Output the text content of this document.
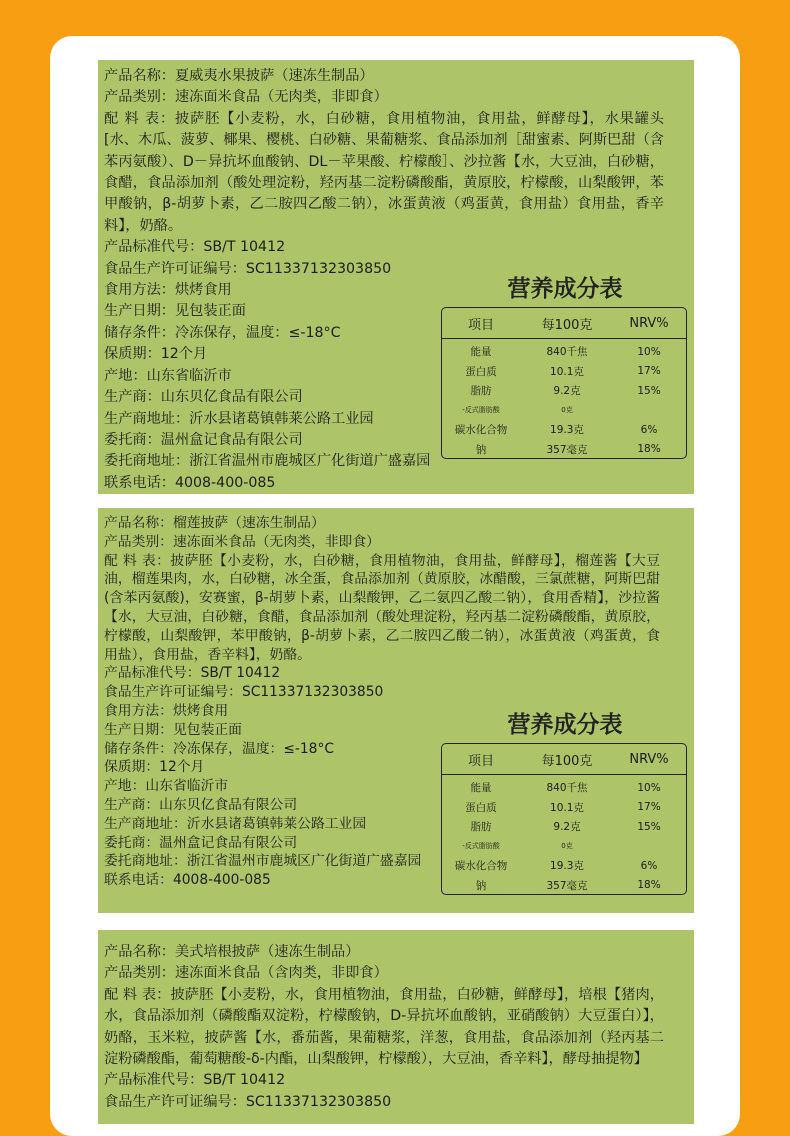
产品名称：夏威夷水果披萨（速冻生制品）
产品类别：速冻面米食品（无肉类，非即食）
配 料 表：披萨胚【小麦粉，水，白砂糖，食用植物油，食用盐，鲜酵母】，水果罐头[水、木瓜、菠萝、椰果、樱桃、白砂糖、果葡糖浆、食品添加剂［甜蜜素、阿斯巴甜（含苯丙氨酸）、D－异抗坏血酸钠、DL－苹果酸、柠檬酸］、沙拉酱【水，大豆油，白砂糖，食醋，食品添加剂（酸处理淀粉，羟丙基二淀粉磷酸酯，黄原胶，柠檬酸，山梨酸钾，苯甲酸钠，β-胡萝卜素，乙二胺四乙酸二钠），冰蛋黄液（鸡蛋黄，食用盐）食用盐，香辛料】，奶酪。
产品标准代号：SB/T 10412
食品生产许可证编号：SC11337132303850
食用方法：烘烤食用
生产日期：见包装正面
储存条件：冷冻保存，温度：≤-18°C
保质期：12个月
产地：山东省临沂市
生产商：山东贝亿食品有限公司
生产商地址：沂水县诸葛镇韩莱公路工业园
委托商：温州盒记食品有限公司
委托商地址：浙江省温州市鹿城区广化街道广盛嘉园
联系电话：4008-400-085
营养成分表
项目	每100克	NRV%
能量	840千焦	10%
蛋白质	10.1克	17%
脂肪	9.2克	15%
-反式脂肪酸	0克
碳水化合物	19.3克	6%
钠	357毫克	18%
产品名称：榴莲披萨（速冻生制品）
产品类别：速冻面米食品（无肉类，非即食）
配 料 表：披萨胚【小麦粉，水，白砂糖，食用植物油，食用盐，鲜酵母】，榴莲酱【大豆油，榴莲果肉，水，白砂糖，冰全蛋，食品添加剂（黄原胶，冰醋酸，三氯蔗糖，阿斯巴甜(含苯丙氨酸)，安赛蜜，β-胡萝卜素，山梨酸钾，乙二氨四乙酸二钠），食用香精】，沙拉酱【水，大豆油，白砂糖，食醋，食品添加剂（酸处理淀粉，羟丙基二淀粉磷酸酯，黄原胶，柠檬酸，山梨酸钾，苯甲酸钠，β-胡萝卜素，乙二胺四乙酸二钠），冰蛋黄液（鸡蛋黄，食用盐），食用盐，香辛料】，奶酪。
产品标准代号：SB/T 10412
食品生产许可证编号：SC11337132303850
食用方法：烘烤食用
生产日期：见包装正面
储存条件：冷冻保存，温度：≤-18°C
保质期：12个月
产地：山东省临沂市
生产商：山东贝亿食品有限公司
生产商地址：沂水县诸葛镇韩莱公路工业园
委托商：温州盒记食品有限公司
委托商地址：浙江省温州市鹿城区广化街道广盛嘉园
联系电话：4008-400-085
营养成分表
项目	每100克	NRV%
能量	840千焦	10%
蛋白质	10.1克	17%
脂肪	9.2克	15%
-反式脂肪酸	0克
碳水化合物	19.3克	6%
钠	357毫克	18%
产品名称：美式培根披萨（速冻生制品）
产品类别：速冻面米食品（含肉类，非即食）
配 料 表：披萨胚【小麦粉，水，食用植物油，食用盐，白砂糖，鲜酵母】，培根【猪肉，水，食品添加剂（磷酸酯双淀粉，柠檬酸钠，D-异抗坏血酸钠，亚硝酸钠）大豆蛋白）】，奶酪，玉米粒，披萨酱【水，番茄酱，果葡糖浆，洋葱，食用盐，食品添加剂（羟丙基二淀粉磷酸酯，葡萄糖酸-δ-内酯，山梨酸钾，柠檬酸），大豆油，香辛料】，酵母抽提物】
产品标准代号：SB/T 10412
食品生产许可证编号：SC11337132303850
